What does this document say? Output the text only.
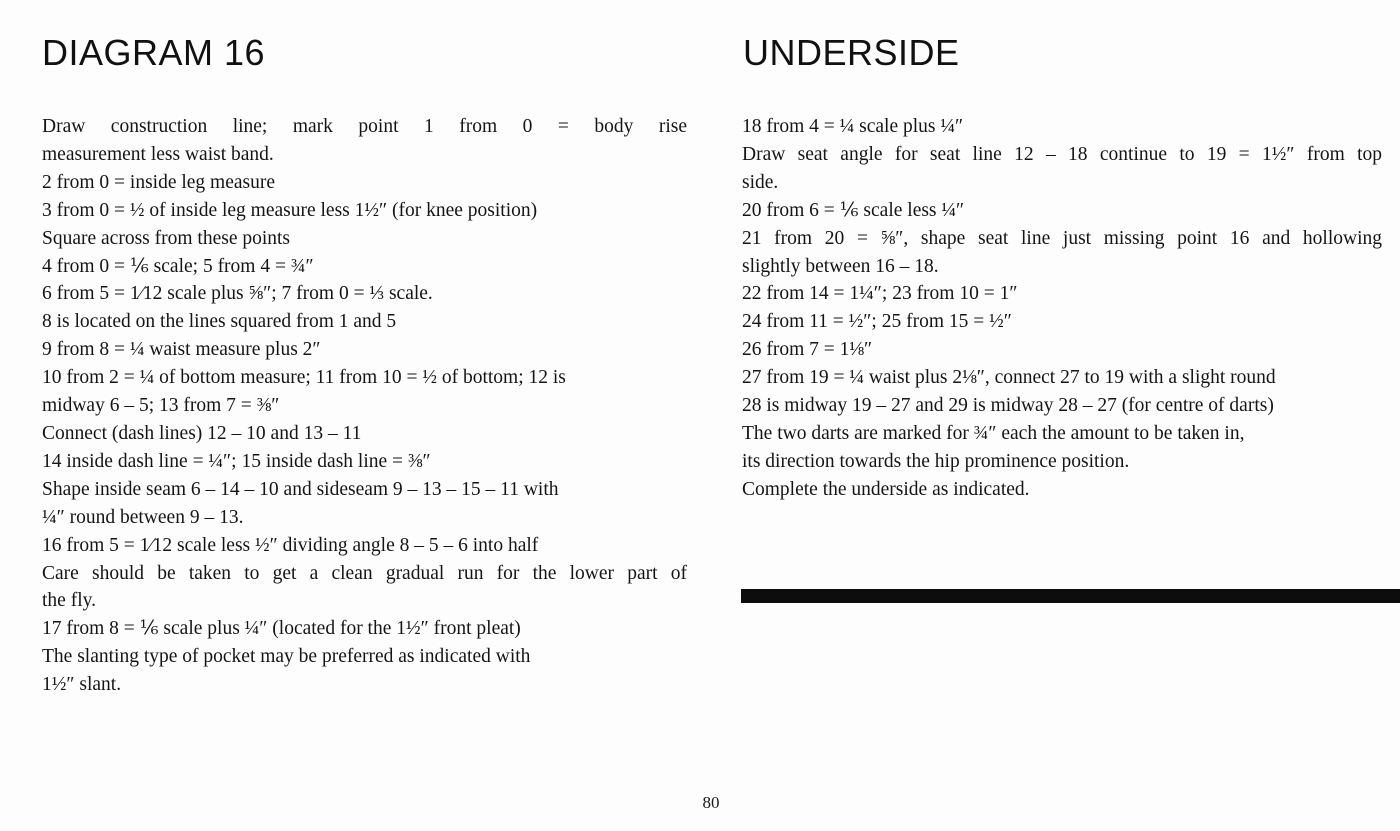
DIAGRAM 16	UNDERSIDE
Draw construction line; mark point 1 from 0 = body rise
measurement less waist band.
2 from 0 = inside leg measure
3 from 0 = ½ of inside leg measure less 1½″ (for knee position)
Square across from these points
4 from 0 = ⅙ scale; 5 from 4 = ¾″
6 from 5 = 1⁄12 scale plus ⅝″; 7 from 0 = ⅓ scale.
8 is located on the lines squared from 1 and 5
9 from 8 = ¼ waist measure plus 2″
10 from 2 = ¼ of bottom measure; 11 from 10 = ½ of bottom; 12 is
midway 6 – 5; 13 from 7 = ⅜″
Connect (dash lines) 12 – 10 and 13 – 11
14 inside dash line = ¼″; 15 inside dash line = ⅜″
Shape inside seam 6 – 14 – 10 and sideseam 9 – 13 – 15 – 11 with
¼″ round between 9 – 13.
16 from 5 = 1⁄12 scale less ½″ dividing angle 8 – 5 – 6 into half
Care should be taken to get a clean gradual run for the lower part of
the fly.
17 from 8 = ⅙ scale plus ¼″ (located for the 1½″ front pleat)
The slanting type of pocket may be preferred as indicated with
1½″ slant.
18 from 4 = ¼ scale plus ¼″
Draw seat angle for seat line 12 – 18 continue to 19 = 1½″ from top
side.
20 from 6 = ⅙ scale less ¼″
21 from 20 = ⅝″, shape seat line just missing point 16 and hollowing
slightly between 16 – 18.
22 from 14 = 1¼″; 23 from 10 = 1″
24 from 11 = ½″; 25 from 15 = ½″
26 from 7 = 1⅛″
27 from 19 = ¼ waist plus 2⅛″, connect 27 to 19 with a slight round
28 is midway 19 – 27 and 29 is midway 28 – 27 (for centre of darts)
The two darts are marked for ¾″ each the amount to be taken in,
its direction towards the hip prominence position.
Complete the underside as indicated.
80
